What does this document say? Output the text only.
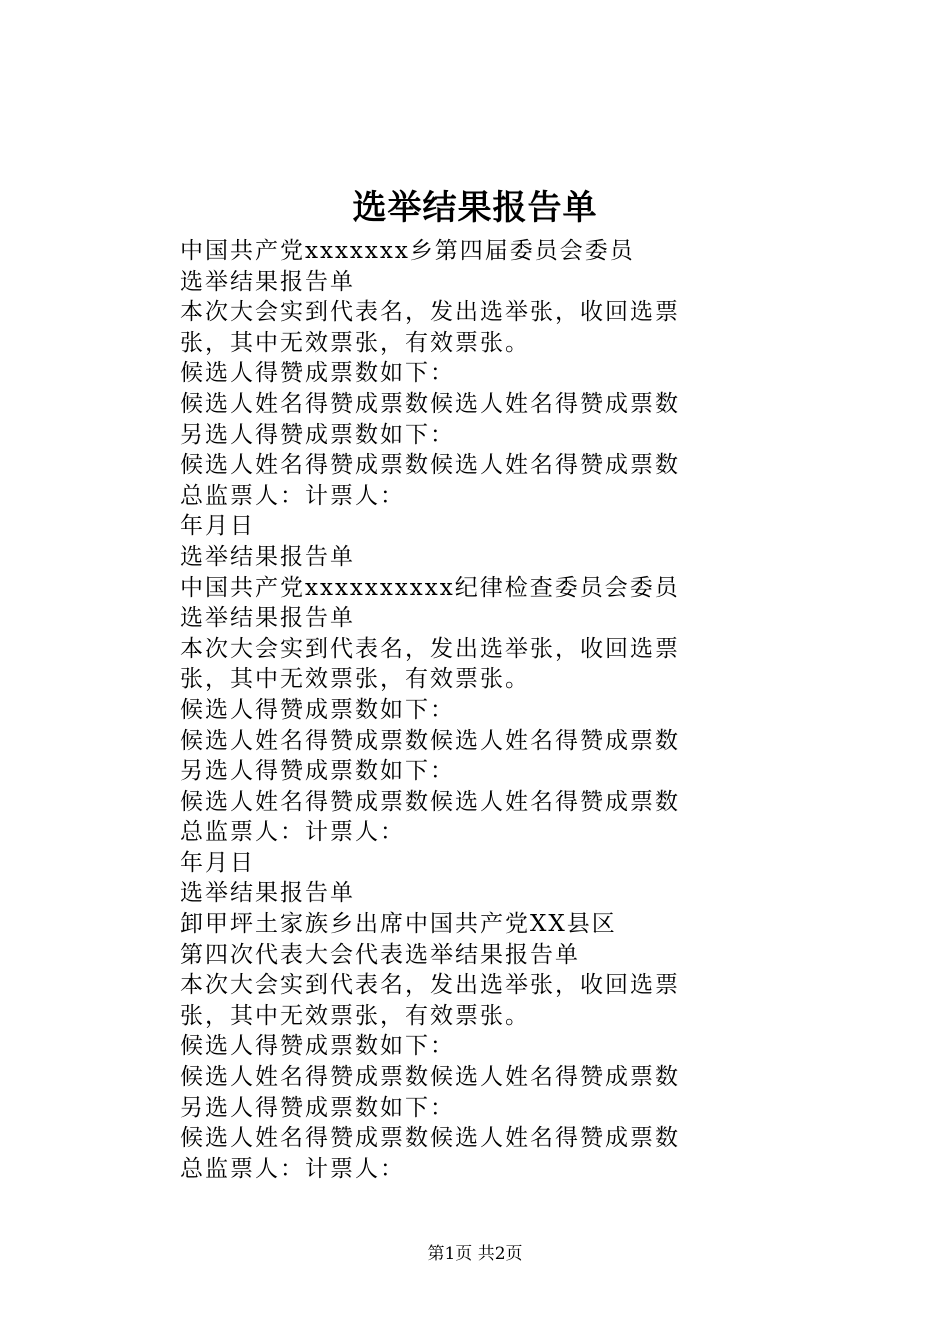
选举结果报告单
中国共产党xxxxxxx乡第四届委员会委员
选举结果报告单
本次大会实到代表名，发出选举张，收回选票
张，其中无效票张，有效票张。
候选人得赞成票数如下：
候选人姓名得赞成票数候选人姓名得赞成票数
另选人得赞成票数如下：
候选人姓名得赞成票数候选人姓名得赞成票数
总监票人：计票人：
年月日
选举结果报告单
中国共产党xxxxxxxxxx纪律检查委员会委员
选举结果报告单
本次大会实到代表名，发出选举张，收回选票
张，其中无效票张，有效票张。
候选人得赞成票数如下：
候选人姓名得赞成票数候选人姓名得赞成票数
另选人得赞成票数如下：
候选人姓名得赞成票数候选人姓名得赞成票数
总监票人：计票人：
年月日
选举结果报告单
卸甲坪土家族乡出席中国共产党XX县区
第四次代表大会代表选举结果报告单
本次大会实到代表名，发出选举张，收回选票
张，其中无效票张，有效票张。
候选人得赞成票数如下：
候选人姓名得赞成票数候选人姓名得赞成票数
另选人得赞成票数如下：
候选人姓名得赞成票数候选人姓名得赞成票数
总监票人：计票人：
第1页 共2页
